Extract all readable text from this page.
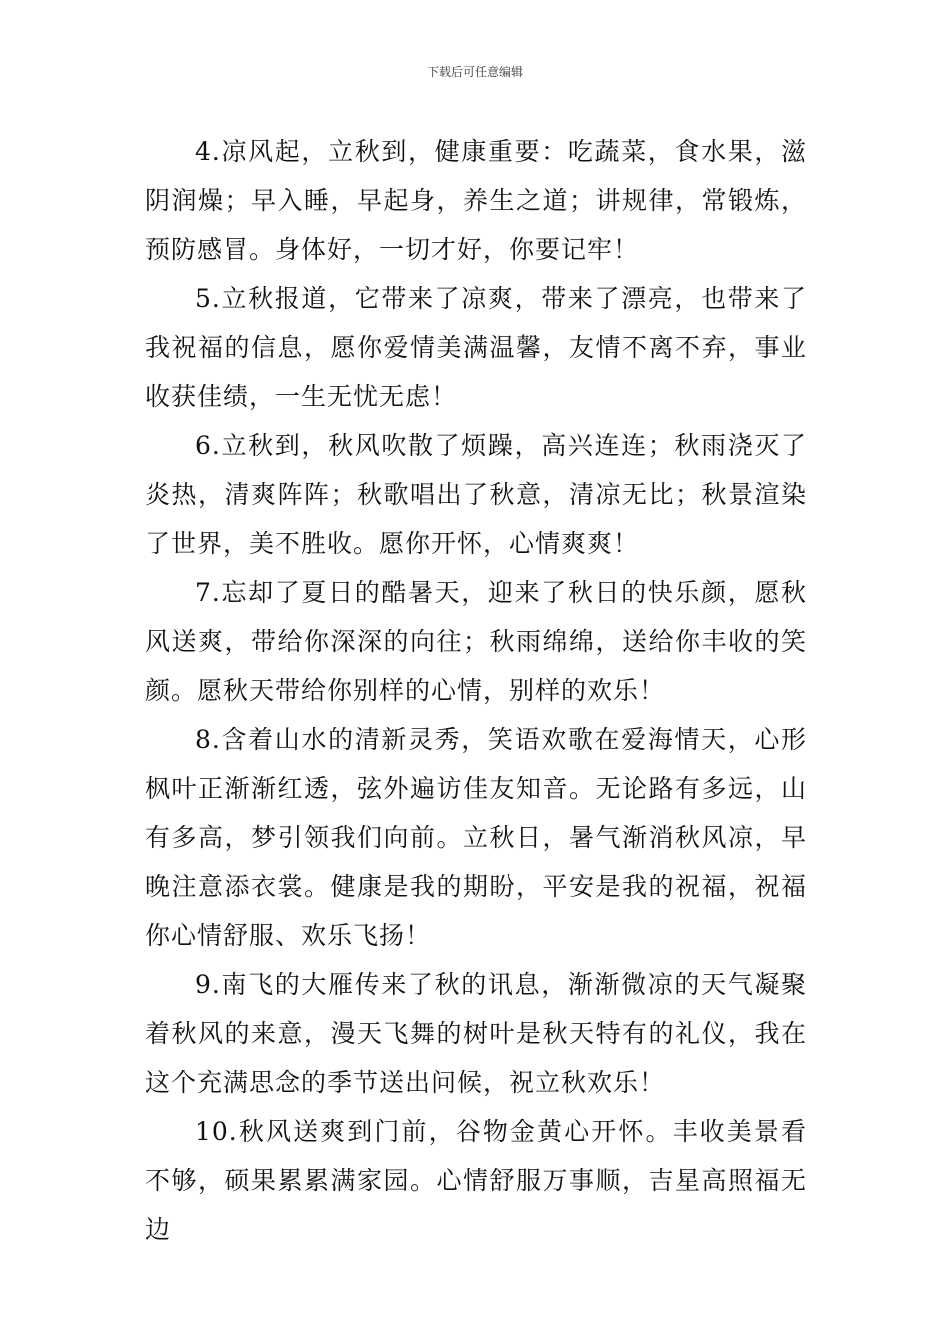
下载后可任意编辑

4.凉风起，立秋到，健康重要：吃蔬菜，食水果，滋阴润燥；早入睡，早起身，养生之道；讲规律，常锻炼，预防感冒。身体好，一切才好，你要记牢！

5.立秋报道，它带来了凉爽，带来了漂亮，也带来了我祝福的信息，愿你爱情美满温馨，友情不离不弃，事业收获佳绩，一生无忧无虑！

6.立秋到，秋风吹散了烦躁，高兴连连；秋雨浇灭了炎热，清爽阵阵；秋歌唱出了秋意，清凉无比；秋景渲染了世界，美不胜收。愿你开怀，心情爽爽！

7.忘却了夏日的酷暑天，迎来了秋日的快乐颜，愿秋风送爽，带给你深深的向往；秋雨绵绵，送给你丰收的笑颜。愿秋天带给你别样的心情，别样的欢乐！

8.含着山水的清新灵秀，笑语欢歌在爱海情天，心形枫叶正渐渐红透，弦外遍访佳友知音。无论路有多远，山有多高，梦引领我们向前。立秋日，暑气渐消秋风凉，早晚注意添衣裳。健康是我的期盼，平安是我的祝福，祝福你心情舒服、欢乐飞扬！

9.南飞的大雁传来了秋的讯息，渐渐微凉的天气凝聚着秋风的来意，漫天飞舞的树叶是秋天特有的礼仪，我在这个充满思念的季节送出问候，祝立秋欢乐！

10.秋风送爽到门前，谷物金黄心开怀。丰收美景看不够，硕果累累满家园。心情舒服万事顺，吉星高照福无边
